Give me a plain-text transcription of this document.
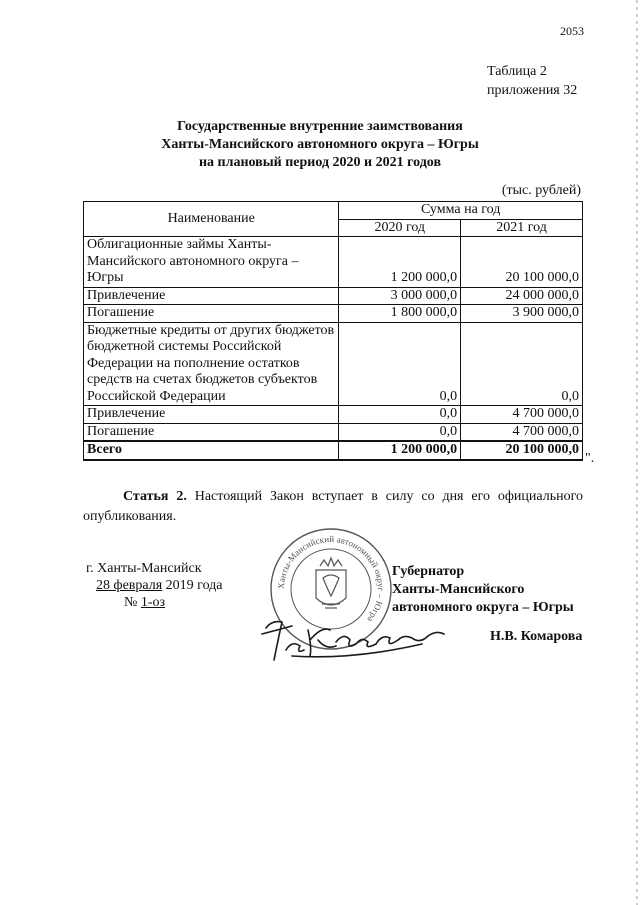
2053
Таблица 2
приложения 32
Государственные внутренние заимствования
Ханты-Мансийского автономного округа – Югры
на плановый период 2020 и 2021 годов
(тыс. рублей)
Наименование	Сумма на год	
	2020 год	2021 год
Облигационные займы Ханты-Мансийского автономного округа – Югры	1 200 000,0	20 100 000,0
Привлечение	3 000 000,0	24 000 000,0
Погашение	1 800 000,0	3 900 000,0
Бюджетные кредиты от других бюджетов бюджетной системы Российской Федерации на пополнение остатков средств на счетах бюджетов субъектов Российской Федерации	0,0	0,0
Привлечение	0,0	4 700 000,0
Погашение	0,0	4 700 000,0
Всего	1 200 000,0	20 100 000,0
".
Статья 2. Настоящий Закон вступает в силу со дня его официального опубликования.
г. Ханты-Мансийск
28 февраля 2019 года
№ 1-оз
Ханты-Мансийский автономный округ – Югра
Губернатор
Ханты-Мансийского
автономного округа – Югры
Н.В. Комарова
